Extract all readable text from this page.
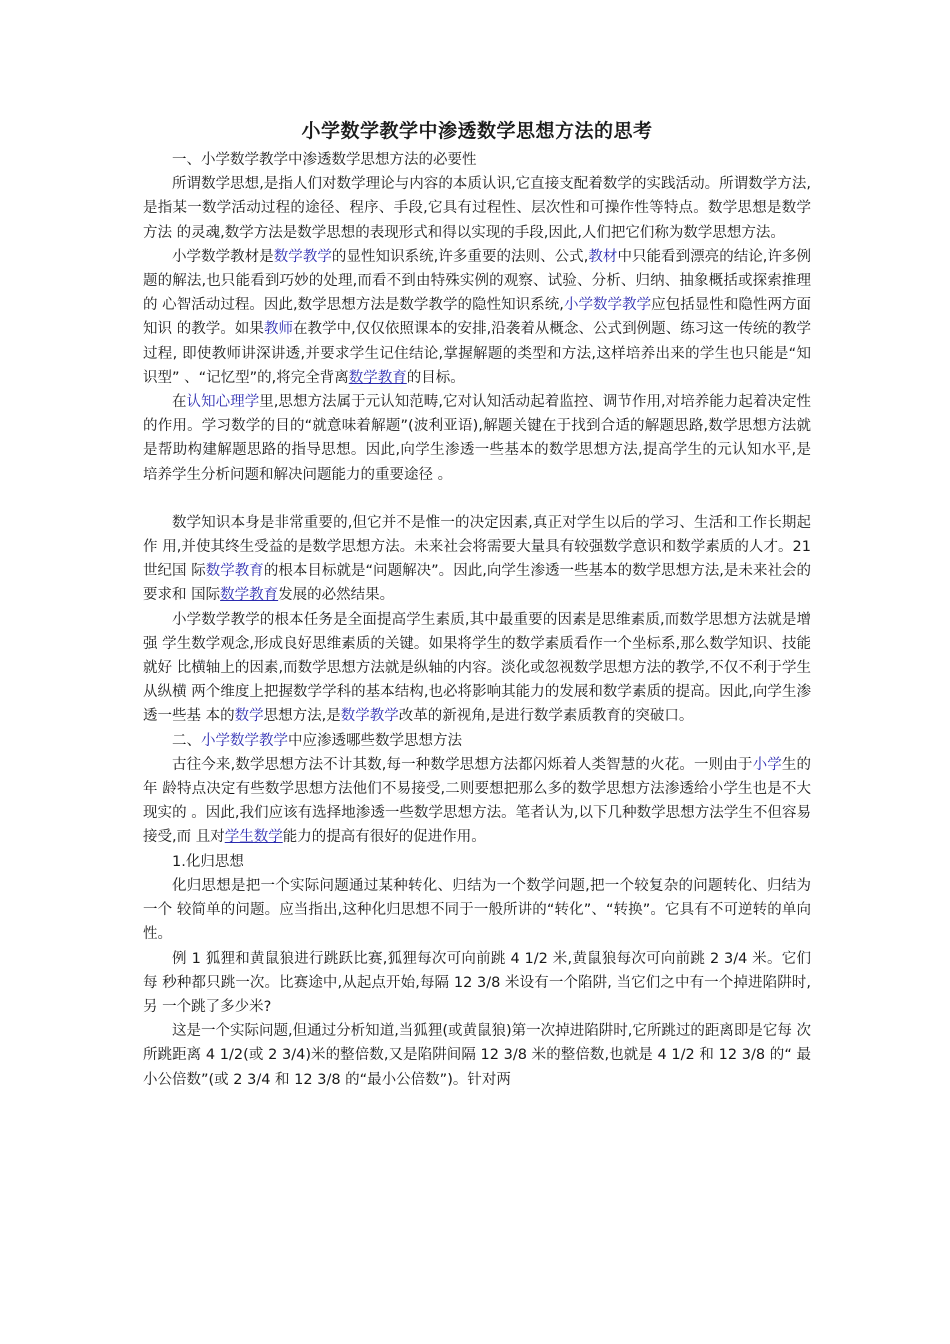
小学数学教学中渗透数学思想方法的思考

一、小学数学教学中渗透数学思想方法的必要性

所谓数学思想,是指人们对数学理论与内容的本质认识,它直接支配着数学的实践活动。所谓数学方法, 是指某一数学活动过程的途径、程序、手段,它具有过程性、层次性和可操作性等特点。数学思想是数学方法 的灵魂,数学方法是数学思想的表现形式和得以实现的手段,因此,人们把它们称为数学思想方法。

小学数学教材是数学教学的显性知识系统,许多重要的法则、公式,教材中只能看到漂亮的结论,许多例 题的解法,也只能看到巧妙的处理,而看不到由特殊实例的观察、试验、分析、归纳、抽象概括或探索推理的 心智活动过程。因此,数学思想方法是数学教学的隐性知识系统,小学数学教学应包括显性和隐性两方面知识 的教学。如果教师在教学中,仅仅依照课本的安排,沿袭着从概念、公式到例题、练习这一传统的教学过程, 即使教师讲深讲透,并要求学生记住结论,掌握解题的类型和方法,这样培养出来的学生也只能是“知识型” 、“记忆型”的,将完全背离数学教育的目标。

在认知心理学里,思想方法属于元认知范畴,它对认知活动起着监控、调节作用,对培养能力起着决定性 的作用。学习数学的目的“就意味着解题”(波利亚语),解题关键在于找到合适的解题思路,数学思想方法就是帮助构建解题思路的指导思想。因此,向学生渗透一些基本的数学思想方法,提高学生的元认知水平,是 培养学生分析问题和解决问题能力的重要途径 。

数学知识本身是非常重要的,但它并不是惟一的决定因素,真正对学生以后的学习、生活和工作长期起作 用,并使其终生受益的是数学思想方法。未来社会将需要大量具有较强数学意识和数学素质的人才。21 世纪国 际数学教育的根本目标就是“问题解决”。因此,向学生渗透一些基本的数学思想方法,是未来社会的要求和 国际数学教育发展的必然结果。

小学数学教学的根本任务是全面提高学生素质,其中最重要的因素是思维素质,而数学思想方法就是增强 学生数学观念,形成良好思维素质的关键。如果将学生的数学素质看作一个坐标系,那么数学知识、技能就好 比横轴上的因素,而数学思想方法就是纵轴的内容。淡化或忽视数学思想方法的教学,不仅不利于学生从纵横 两个维度上把握数学学科的基本结构,也必将影响其能力的发展和数学素质的提高。因此,向学生渗透一些基 本的数学思想方法,是数学教学改革的新视角,是进行数学素质教育的突破口。

二、小学数学教学中应渗透哪些数学思想方法

古往今来,数学思想方法不计其数,每一种数学思想方法都闪烁着人类智慧的火花。一则由于小学生的年 龄特点决定有些数学思想方法他们不易接受,二则要想把那么多的数学思想方法渗透给小学生也是不大现实的 。因此,我们应该有选择地渗透一些数学思想方法。笔者认为,以下几种数学思想方法学生不但容易接受,而 且对学生数学能力的提高有很好的促进作用。

1.化归思想

化归思想是把一个实际问题通过某种转化、归结为一个数学问题,把一个较复杂的问题转化、归结为一个 较简单的问题。应当指出,这种化归思想不同于一般所讲的“转化”、“转换”。它具有不可逆转的单向性。

例 1 狐狸和黄鼠狼进行跳跃比赛,狐狸每次可向前跳 4 1/2 米,黄鼠狼每次可向前跳 2 3/4 米。它们每 秒种都只跳一次。比赛途中,从起点开始,每隔 12 3/8 米设有一个陷阱, 当它们之中有一个掉进陷阱时,另 一个跳了多少米?

这是一个实际问题,但通过分析知道,当狐狸(或黄鼠狼)第一次掉进陷阱时,它所跳过的距离即是它每 次所跳距离 4 1/2(或 2 3/4)米的整倍数,又是陷阱间隔 12 3/8 米的整倍数,也就是 4 1/2 和 12 3/8 的“ 最小公倍数”(或 2 3/4 和 12 3/8 的“最小公倍数”)。针对两
